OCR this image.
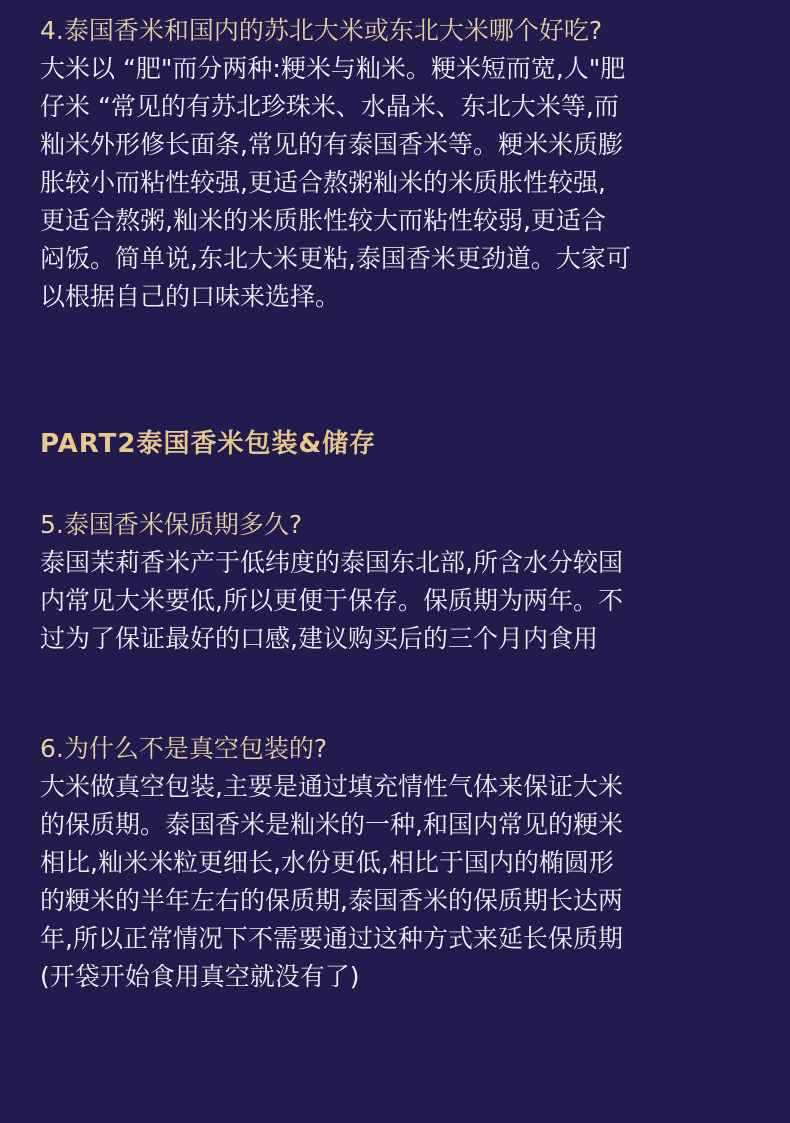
4.泰国香米和国内的苏北大米或东北大米哪个好吃?
大米以 “肥"而分两种:粳米与籼米。粳米短而宽,人"肥
仔米 “常见的有苏北珍珠米、水晶米、东北大米等,而
籼米外形修长面条,常见的有泰国香米等。粳米米质膨
胀较小而粘性较强,更适合熬粥籼米的米质胀性较强,
更适合熬粥,籼米的米质胀性较大而粘性较弱,更适合
闷饭。简单说,东北大米更粘,泰国香米更劲道。大家可
以根据自己的口味来选择。
PART2泰国香米包装&储存
5.泰国香米保质期多久?
泰国茉莉香米产于低纬度的泰国东北部,所含水分较国
内常见大米要低,所以更便于保存。保质期为两年。不
过为了保证最好的口感,建议购买后的三个月内食用
6.为什么不是真空包装的?
大米做真空包装,主要是通过填充情性气体来保证大米
的保质期。泰国香米是籼米的一种,和国内常见的粳米
相比,籼米米粒更细长,水份更低,相比于国内的椭圆形
的粳米的半年左右的保质期,泰国香米的保质期长达两
年,所以正常情况下不需要通过这种方式来延长保质期
(开袋开始食用真空就没有了)
